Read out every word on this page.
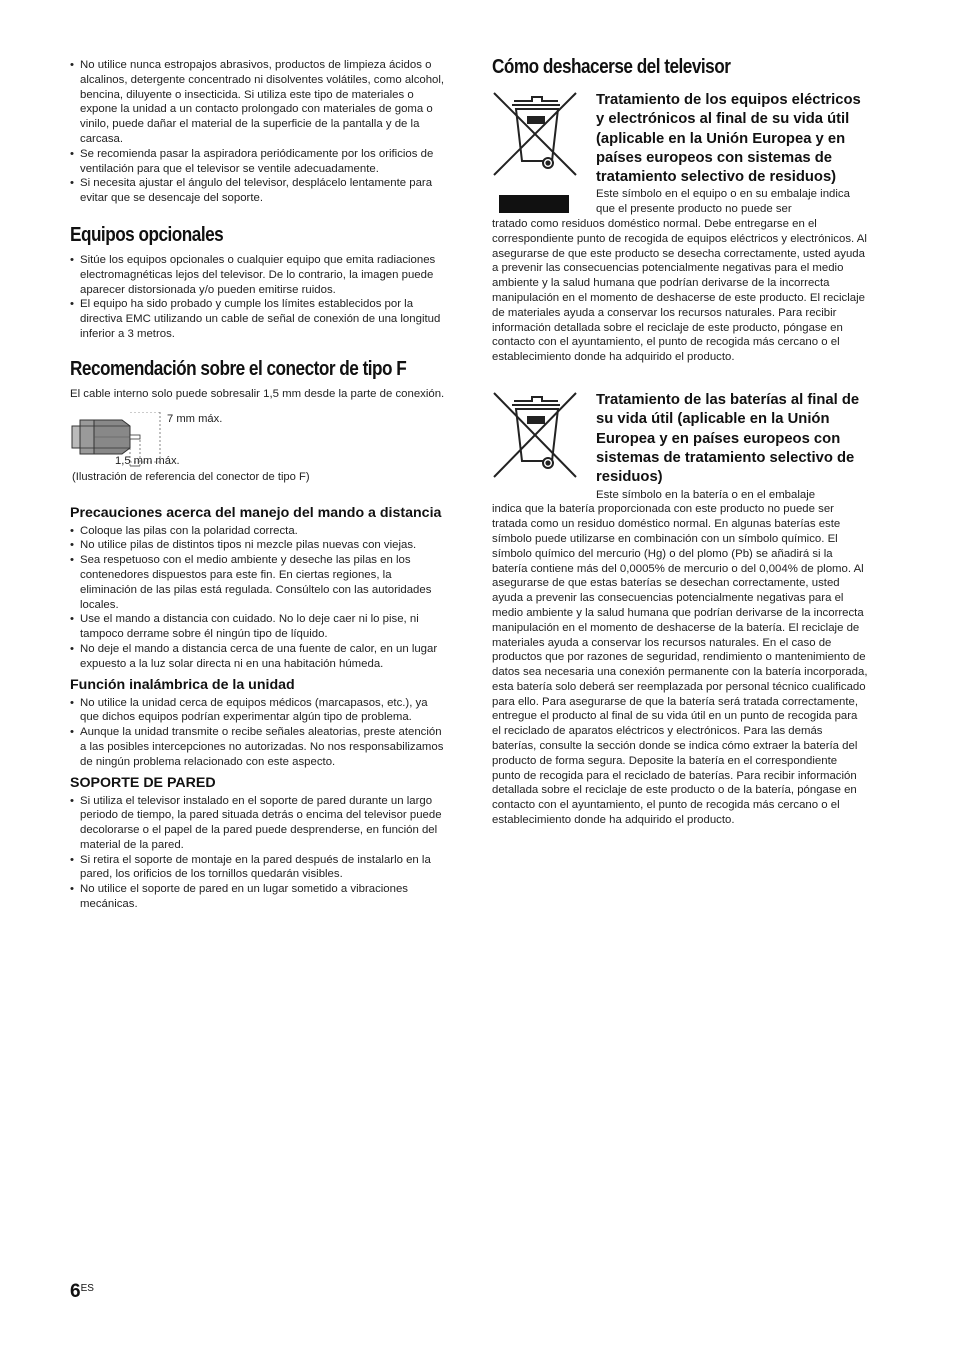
• No utilice nunca estropajos abrasivos, productos de limpieza ácidos o alcalinos, detergente concentrado ni disolventes volátiles, como alcohol, bencina, diluyente o insecticida. Si utiliza este tipo de materiales o expone la unidad a un contacto prolongado con materiales de goma o vinilo, puede dañar el material de la superficie de la pantalla y de la carcasa.
• Se recomienda pasar la aspiradora periódicamente por los orificios de ventilación para que el televisor se ventile adecuadamente.
• Si necesita ajustar el ángulo del televisor, desplácelo lentamente para evitar que se desencaje del soporte.
Equipos opcionales
• Sitúe los equipos opcionales o cualquier equipo que emita radiaciones electromagnéticas lejos del televisor. De lo contrario, la imagen puede aparecer distorsionada y/o pueden emitirse ruidos.
• El equipo ha sido probado y cumple los límites establecidos por la directiva EMC utilizando un cable de señal de conexión de una longitud inferior a 3 metros.
Recomendación sobre el conector de tipo F

El cable interno solo puede sobresalir 1,5 mm desde la parte de conexión.

7 mm máx.
1,5 mm máx.
(Ilustración de referencia del conector de tipo F)
Precauciones acerca del manejo del mando a distancia
• Coloque las pilas con la polaridad correcta.
• No utilice pilas de distintos tipos ni mezcle pilas nuevas con viejas.
• Sea respetuoso con el medio ambiente y deseche las pilas en los contenedores dispuestos para este fin. En ciertas regiones, la eliminación de las pilas está regulada. Consúltelo con las autoridades locales.
• Use el mando a distancia con cuidado. No lo deje caer ni lo pise, ni tampoco derrame sobre él ningún tipo de líquido.
• No deje el mando a distancia cerca de una fuente de calor, en un lugar expuesto a la luz solar directa ni en una habitación húmeda.
Función inalámbrica de la unidad
• No utilice la unidad cerca de equipos médicos (marcapasos, etc.), ya que dichos equipos podrían experimentar algún tipo de problema.
• Aunque la unidad transmite o recibe señales aleatorias, preste atención a las posibles intercepciones no autorizadas. No nos responsabilizamos de ningún problema relacionado con este aspecto.
SOPORTE DE PARED
• Si utiliza el televisor instalado en el soporte de pared durante un largo periodo de tiempo, la pared situada detrás o encima del televisor puede decolorarse o el papel de la pared puede desprenderse, en función del material de la pared.
• Si retira el soporte de montaje en la pared después de instalarlo en la pared, los orificios de los tornillos quedarán visibles.
• No utilice el soporte de pared en un lugar sometido a vibraciones mecánicas.
Cómo deshacerse del televisor

Tratamiento de los equipos eléctricos y electrónicos al final de su vida útil (aplicable en la Unión Europea y en países europeos con sistemas de tratamiento selectivo de residuos)

Este símbolo en el equipo o en su embalaje indica que el presente producto no puede ser

tratado como residuos doméstico normal. Debe entregarse en el correspondiente punto de recogida de equipos eléctricos y electrónicos. Al asegurarse de que este producto se desecha correctamente, usted ayuda a prevenir las consecuencias potencialmente negativas para el medio ambiente y la salud humana que podrían derivarse de la incorrecta manipulación en el momento de deshacerse de este producto. El reciclaje de materiales ayuda a conservar los recursos naturales. Para recibir información detallada sobre el reciclaje de este producto, póngase en contacto con el ayuntamiento, el punto de recogida más cercano o el establecimiento donde ha adquirido el producto.

Tratamiento de las baterías al final de su vida útil (aplicable en la Unión Europea y en países europeos con sistemas de tratamiento selectivo de residuos)

Este símbolo en la batería o en el embalaje

indica que la batería proporcionada con este producto no puede ser tratada como un residuo doméstico normal. En algunas baterías este símbolo puede utilizarse en combinación con un símbolo químico. El símbolo químico del mercurio (Hg) o del plomo (Pb) se añadirá si la batería contiene más del 0,0005% de mercurio o del 0,004% de plomo. Al asegurarse de que estas baterías se desechan correctamente, usted ayuda a prevenir las consecuencias potencialmente negativas para el medio ambiente y la salud humana que podrían derivarse de la incorrecta manipulación en el momento de deshacerse de la batería. El reciclaje de materiales ayuda a conservar los recursos naturales. En el caso de productos que por razones de seguridad, rendimiento o mantenimiento de datos sea necesaria una conexión permanente con la batería incorporada, esta batería solo deberá ser reemplazada por personal técnico cualificado para ello. Para asegurarse de que la batería será tratada correctamente, entregue el producto al final de su vida útil en un punto de recogida para el reciclado de aparatos eléctricos y electrónicos. Para las demás baterías, consulte la sección donde se indica cómo extraer la batería del producto de forma segura. Deposite la batería en el correspondiente punto de recogida para el reciclado de baterías. Para recibir información detallada sobre el reciclaje de este producto o de la batería, póngase en contacto con el ayuntamiento, el punto de recogida más cercano o el establecimiento donde ha adquirido el producto.

$6^{ES}$
